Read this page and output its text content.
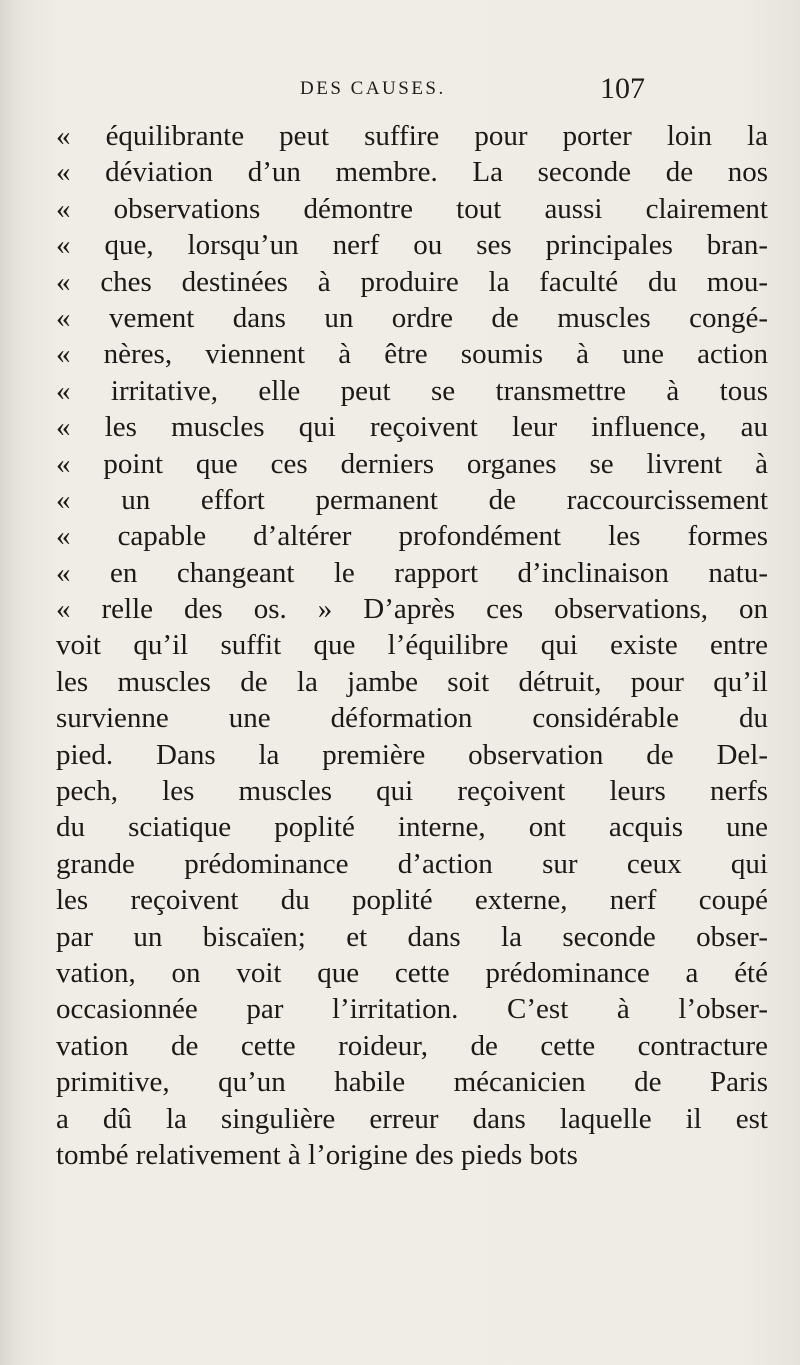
DES CAUSES.	107
« équilibrante peut suffire pour porter loin la
« déviation d’un membre. La seconde de nos
« observations démontre tout aussi clairement
« que, lorsqu’un nerf ou ses principales bran-
« ches destinées à produire la faculté du mou-
« vement dans un ordre de muscles congé-
« nères, viennent à être soumis à une action
« irritative, elle peut se transmettre à tous
« les muscles qui reçoivent leur influence, au
« point que ces derniers organes se livrent à
« un effort permanent de raccourcissement
« capable d’altérer profondément les formes
« en changeant le rapport d’inclinaison natu-
« relle des os. » D’après ces observations, on
voit qu’il suffit que l’équilibre qui existe entre
les muscles de la jambe soit détruit, pour qu’il
survienne une déformation considérable du
pied. Dans la première observation de Del-
pech, les muscles qui reçoivent leurs nerfs
du sciatique poplité interne, ont acquis une
grande prédominance d’action sur ceux qui
les reçoivent du poplité externe, nerf coupé
par un biscaïen; et dans la seconde obser-
vation, on voit que cette prédominance a été
occasionnée par l’irritation. C’est à l’obser-
vation de cette roideur, de cette contracture
primitive, qu’un habile mécanicien de Paris
a dû la singulière erreur dans laquelle il est
tombé relativement à l’origine des pieds bots
